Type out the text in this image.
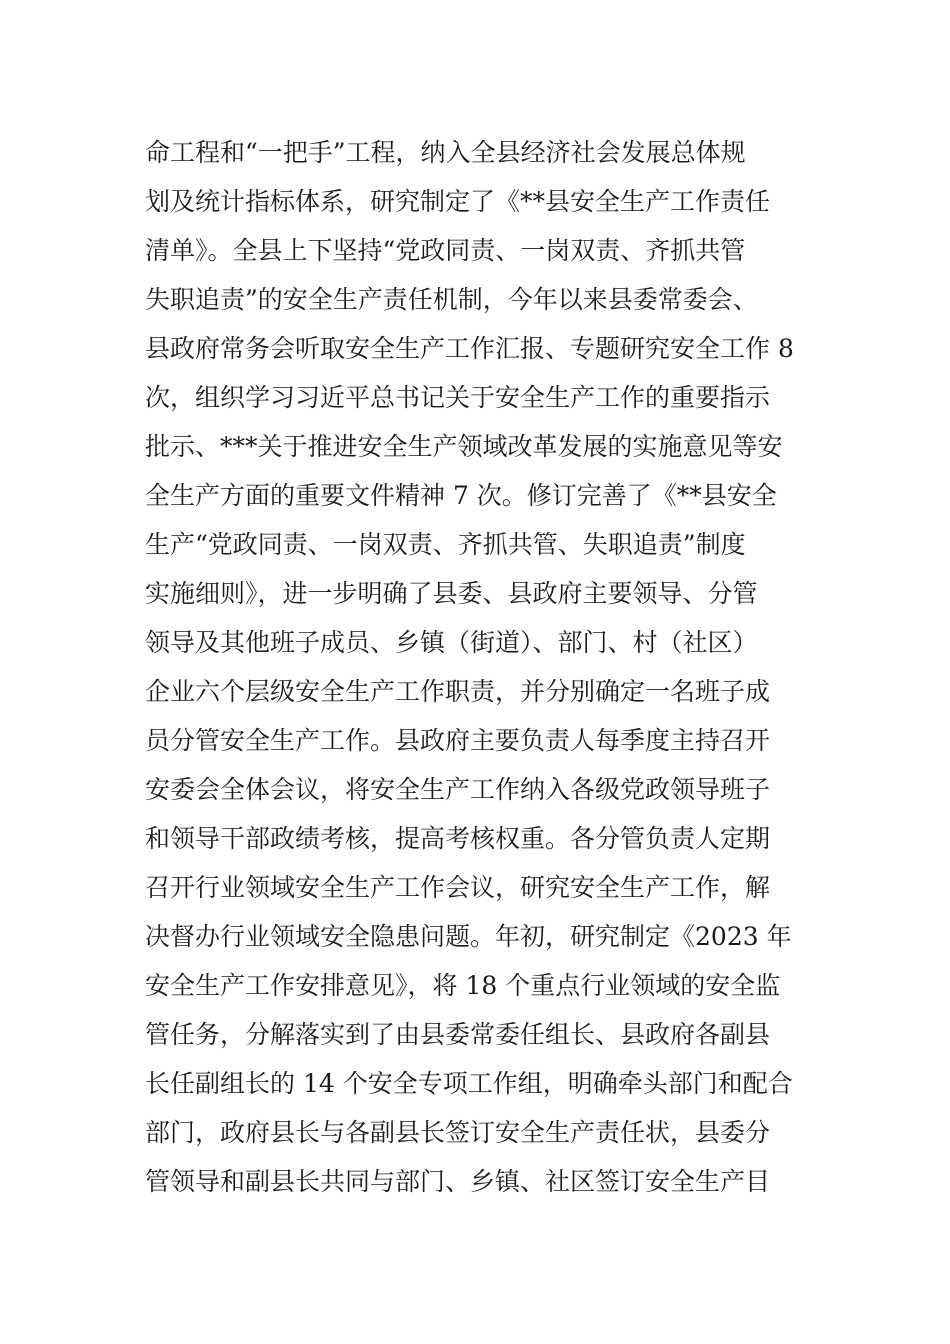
命工程和“一把手”工程，纳入全县经济社会发展总体规
划及统计指标体系，研究制定了《**县安全生产工作责任
清单》。全县上下坚持“党政同责、一岗双责、齐抓共管
失职追责”的安全生产责任机制，今年以来县委常委会、
县政府常务会听取安全生产工作汇报、专题研究安全工作 8
次，组织学习习近平总书记关于安全生产工作的重要指示
批示、***关于推进安全生产领域改革发展的实施意见等安
全生产方面的重要文件精神 7 次。修订完善了《**县安全
生产“党政同责、一岗双责、齐抓共管、失职追责”制度
实施细则》，进一步明确了县委、县政府主要领导、分管
领导及其他班子成员、乡镇（街道）、部门、村（社区）
企业六个层级安全生产工作职责，并分别确定一名班子成
员分管安全生产工作。县政府主要负责人每季度主持召开
安委会全体会议，将安全生产工作纳入各级党政领导班子
和领导干部政绩考核，提高考核权重。各分管负责人定期
召开行业领域安全生产工作会议，研究安全生产工作，解
决督办行业领域安全隐患问题。年初，研究制定《2023 年
安全生产工作安排意见》，将 18 个重点行业领域的安全监
管任务，分解落实到了由县委常委任组长、县政府各副县
长任副组长的 14 个安全专项工作组，明确牵头部门和配合
部门，政府县长与各副县长签订安全生产责任状，县委分
管领导和副县长共同与部门、乡镇、社区签订安全生产目
